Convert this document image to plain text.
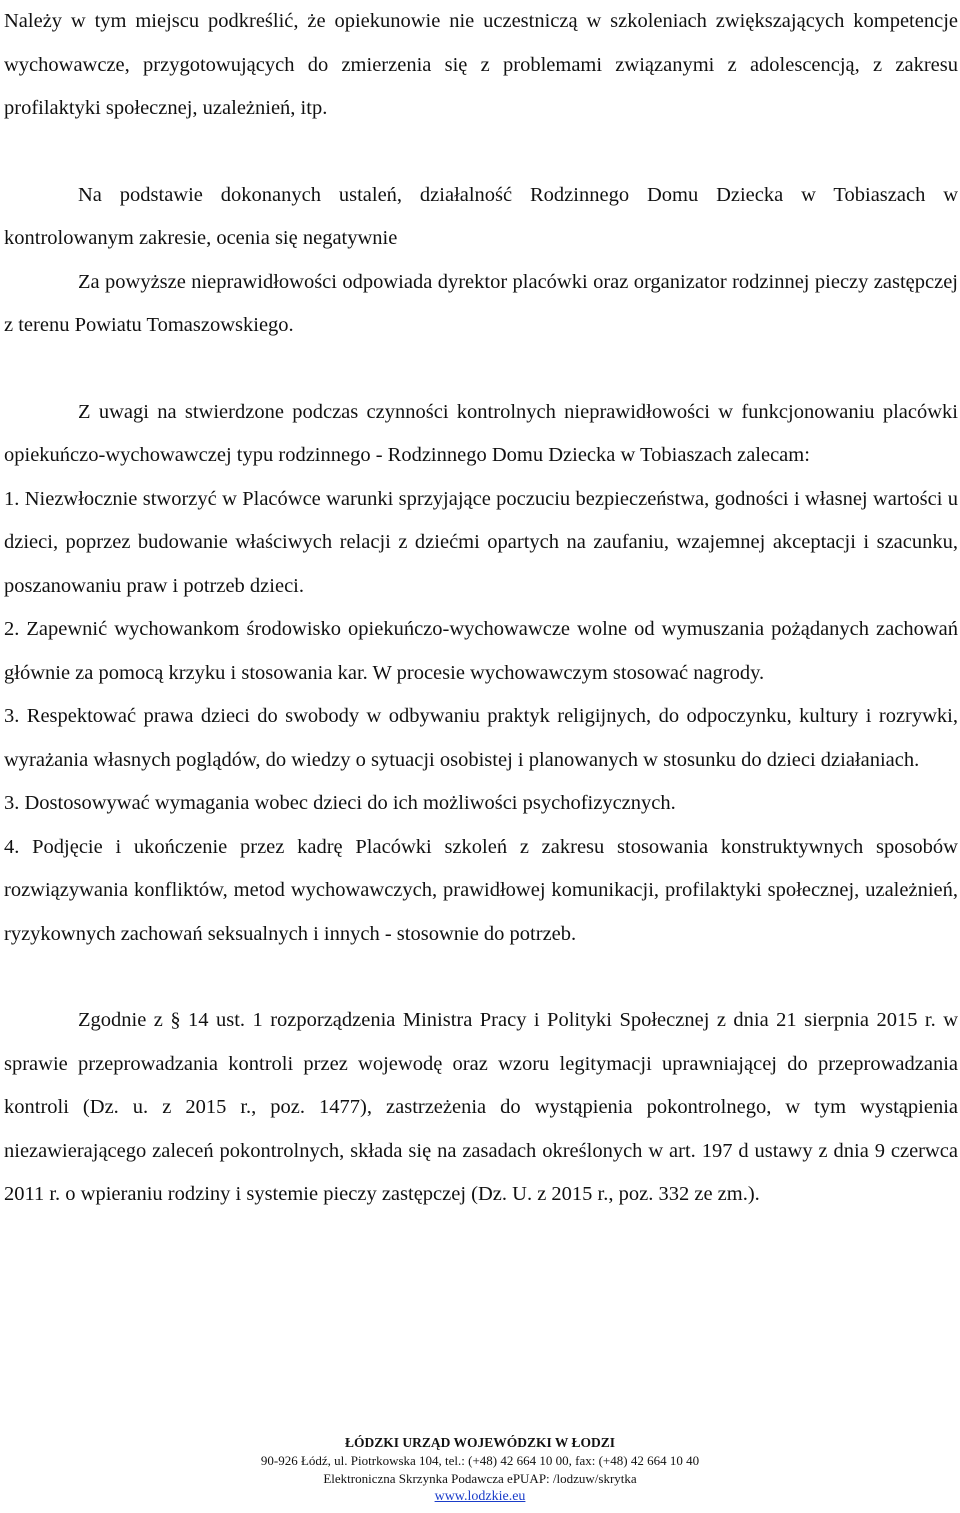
Należy w tym miejscu podkreślić, że opiekunowie nie uczestniczą w szkoleniach zwiększających kompetencje wychowawcze, przygotowujących do zmierzenia się z problemami związanymi z adolescencją, z zakresu profilaktyki społecznej, uzależnień, itp.

Na podstawie dokonanych ustaleń, działalność Rodzinnego Domu Dziecka w Tobiaszach w kontrolowanym zakresie, ocenia się negatywnie

Za powyższe nieprawidłowości odpowiada dyrektor placówki oraz organizator rodzinnej pieczy zastępczej z terenu Powiatu Tomaszowskiego.

Z uwagi na stwierdzone podczas czynności kontrolnych nieprawidłowości w funkcjonowaniu placówki opiekuńczo-wychowawczej typu rodzinnego - Rodzinnego Domu Dziecka w Tobiaszach zalecam:

1. Niezwłocznie stworzyć w Placówce warunki sprzyjające poczuciu bezpieczeństwa, godności i własnej wartości u dzieci, poprzez budowanie właściwych relacji z dziećmi opartych na zaufaniu, wzajemnej akceptacji i szacunku, poszanowaniu praw i potrzeb dzieci.

2. Zapewnić wychowankom środowisko opiekuńczo-wychowawcze wolne od wymuszania pożądanych zachowań głównie za pomocą krzyku i stosowania kar. W procesie wychowawczym stosować nagrody.

3. Respektować prawa dzieci do swobody w odbywaniu praktyk religijnych, do odpoczynku, kultury i rozrywki, wyrażania własnych poglądów, do wiedzy o sytuacji osobistej i planowanych w stosunku do dzieci działaniach.

3. Dostosowywać wymagania wobec dzieci do ich możliwości psychofizycznych.

4. Podjęcie i ukończenie przez kadrę Placówki szkoleń z zakresu stosowania konstruktywnych sposobów rozwiązywania konfliktów, metod wychowawczych, prawidłowej komunikacji, profilaktyki społecznej, uzależnień, ryzykownych zachowań seksualnych i innych - stosownie do potrzeb.

Zgodnie z § 14 ust. 1 rozporządzenia Ministra Pracy i Polityki Społecznej z dnia 21 sierpnia 2015 r. w sprawie przeprowadzania kontroli przez wojewodę oraz wzoru legitymacji uprawniającej do przeprowadzania kontroli (Dz. u. z 2015 r., poz. 1477), zastrzeżenia do wystąpienia pokontrolnego, w tym wystąpienia niezawierającego zaleceń pokontrolnych, składa się na zasadach określonych w art. 197 d ustawy z dnia 9 czerwca 2011 r. o wpieraniu rodziny i systemie pieczy zastępczej (Dz. U. z 2015 r., poz. 332 ze zm.).

ŁÓDZKI URZĄD WOJEWÓDZKI W ŁODZI
90-926 Łódź, ul. Piotrkowska 104, tel.: (+48) 42 664 10 00, fax: (+48) 42 664 10 40
Elektroniczna Skrzynka Podawcza ePUAP: /lodzuw/skrytka
www.lodzkie.eu
